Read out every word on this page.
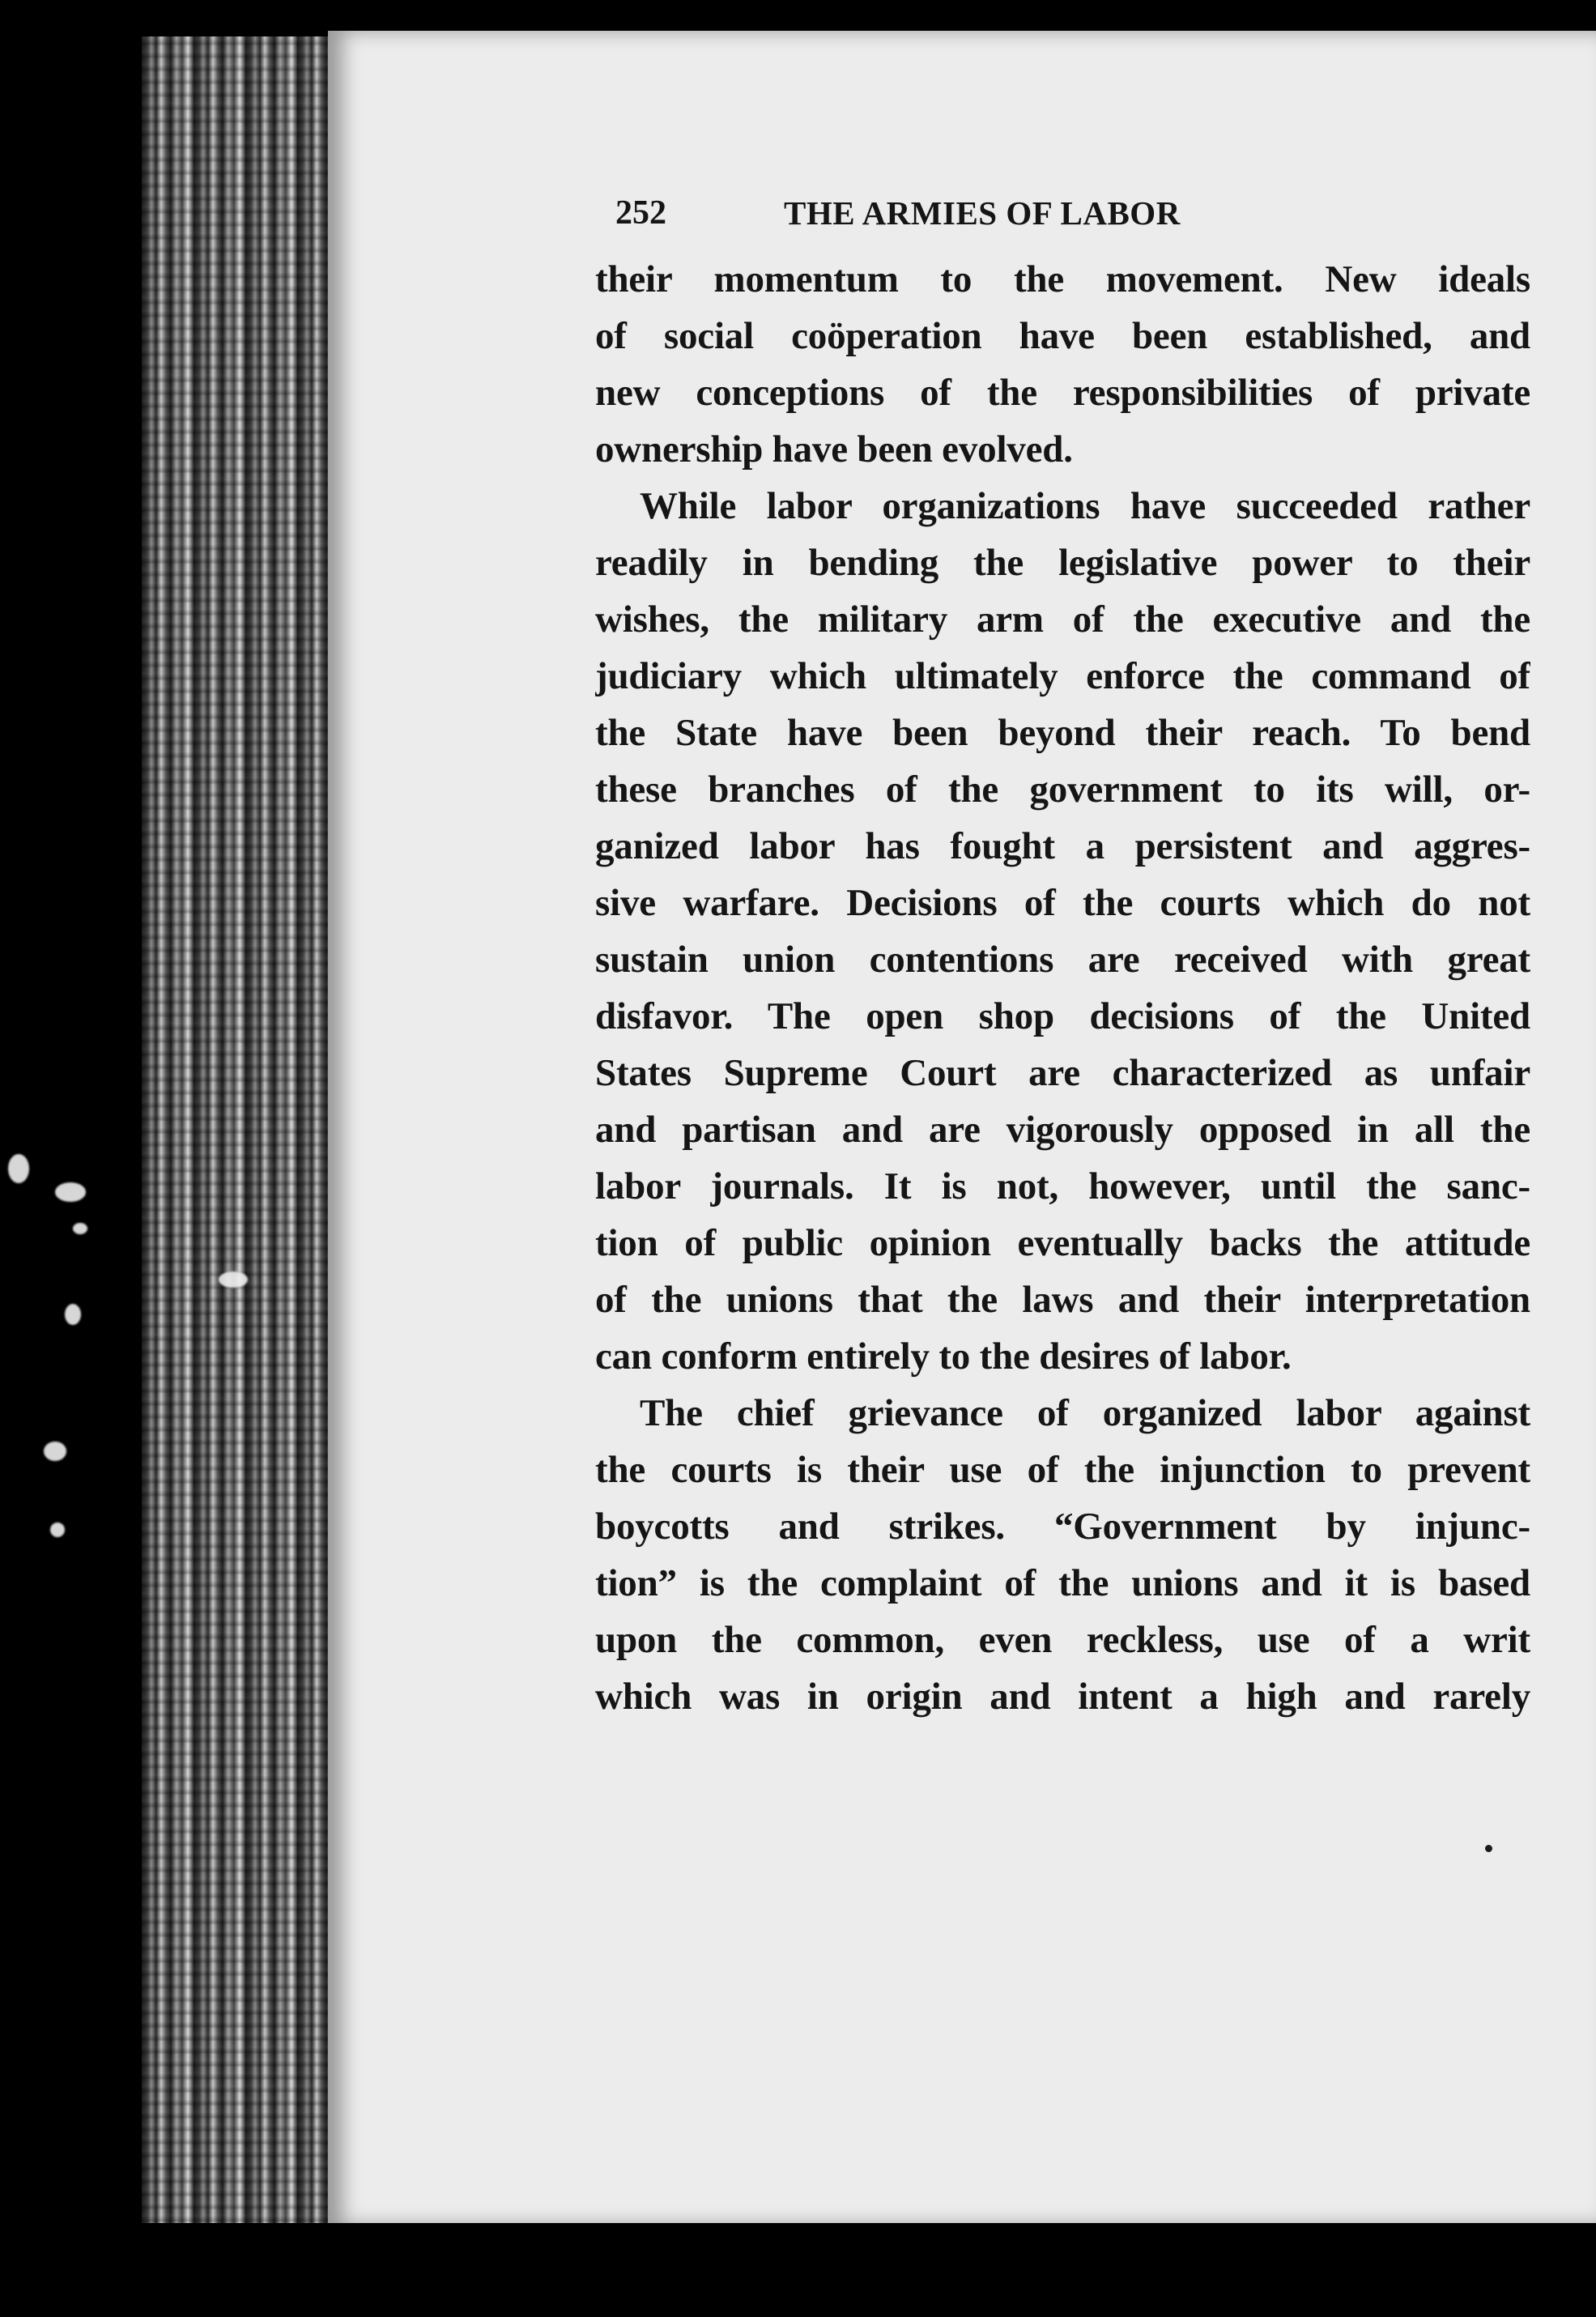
252	THE ARMIES OF LABOR
their momentum to the movement. New ideals
of social coöperation have been established, and
new conceptions of the responsibilities of private
ownership have been evolved.
While labor organizations have succeeded rather
readily in bending the legislative power to their
wishes, the military arm of the executive and the
judiciary which ultimately enforce the command of
the State have been beyond their reach. To bend
these branches of the government to its will, or-
ganized labor has fought a persistent and aggres-
sive warfare. Decisions of the courts which do not
sustain union contentions are received with great
disfavor. The open shop decisions of the United
States Supreme Court are characterized as unfair
and partisan and are vigorously opposed in all the
labor journals. It is not, however, until the sanc-
tion of public opinion eventually backs the attitude
of the unions that the laws and their interpretation
can conform entirely to the desires of labor.
The chief grievance of organized labor against
the courts is their use of the injunction to prevent
boycotts and strikes. “Government by injunc-
tion” is the complaint of the unions and it is based
upon the common, even reckless, use of a writ
which was in origin and intent a high and rarely
